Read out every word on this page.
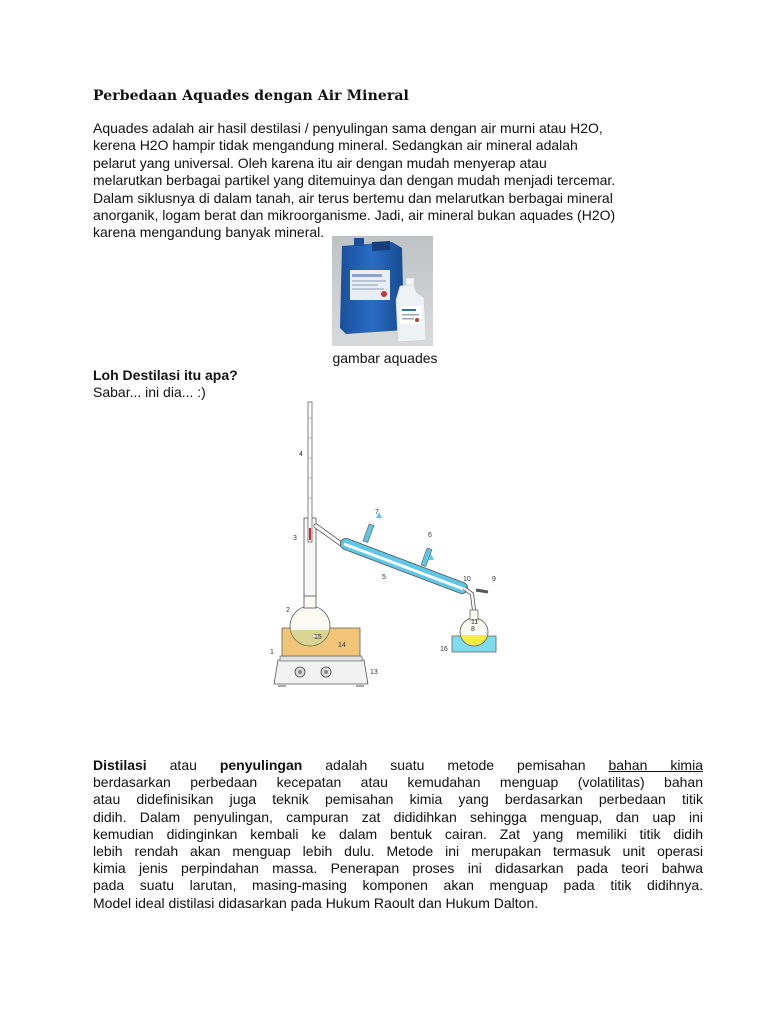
Perbedaan Aquades dengan Air Mineral

Aquades adalah air hasil destilasi / penyulingan sama dengan air murni atau H2O,
kerena H2O hampir tidak mengandung mineral. Sedangkan air mineral adalah
pelarut yang universal. Oleh karena itu air dengan mudah menyerap atau
melarutkan berbagai partikel yang ditemuinya dan dengan mudah menjadi tercemar.
Dalam siklusnya di dalam tanah, air terus bertemu dan melarutkan berbagai mineral
anorganik, logam berat dan mikroorganisme. Jadi, air mineral bukan aquades (H2O)
karena mengandung banyak mineral.

gambar aquades
Loh Destilasi itu apa?
Sabar... ini dia... :)
1
2
3
4
5
6
7
8
9
10
11
13
14
15
16
Distilasi atau penyulingan adalah suatu metode pemisahan bahan kimia
berdasarkan perbedaan kecepatan atau kemudahan menguap (volatilitas) bahan
atau didefinisikan juga teknik pemisahan kimia yang berdasarkan perbedaan titik
didih. Dalam penyulingan, campuran zat dididihkan sehingga menguap, dan uap ini
kemudian didinginkan kembali ke dalam bentuk cairan. Zat yang memiliki titik didih
lebih rendah akan menguap lebih dulu. Metode ini merupakan termasuk unit operasi
kimia jenis perpindahan massa. Penerapan proses ini didasarkan pada teori bahwa
pada suatu larutan, masing-masing komponen akan menguap pada titik didihnya.
Model ideal distilasi didasarkan pada Hukum Raoult dan Hukum Dalton.
